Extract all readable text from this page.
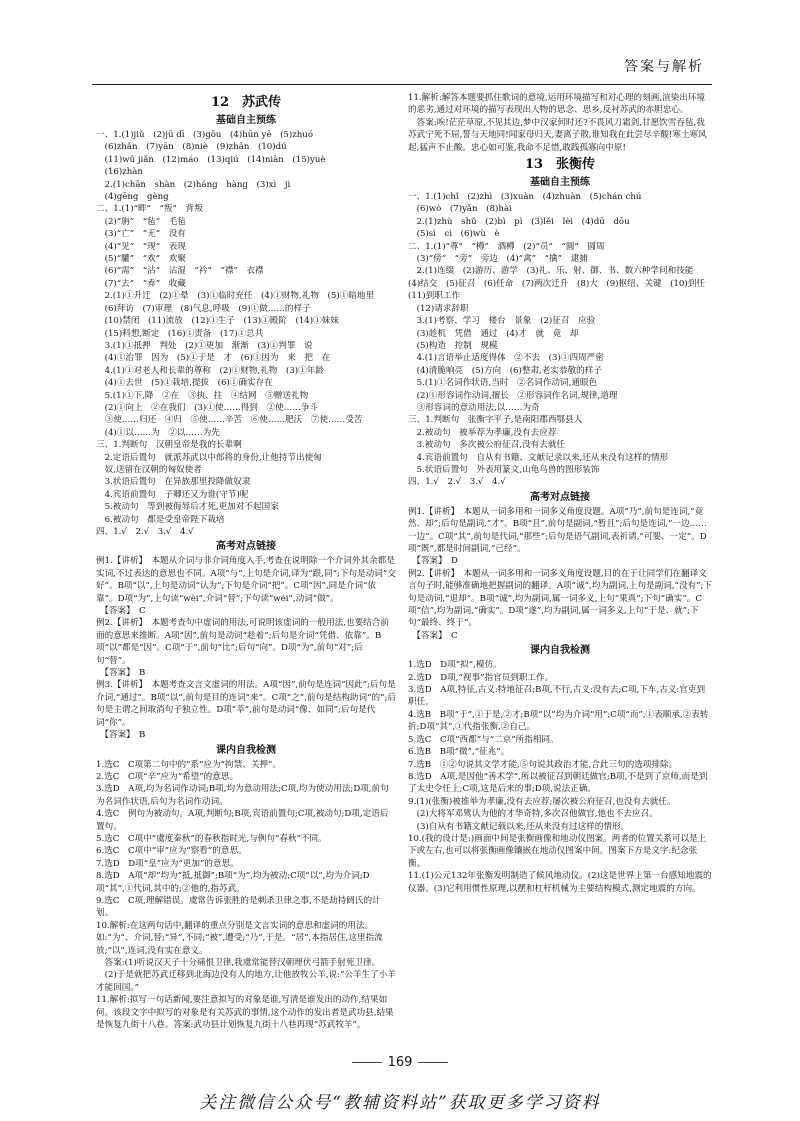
答案与解析
12　苏武传
基础自主预练

一、1.(1)jiǔ　(2)jū dī　(3)gōu　(4)hūn yē　(5)zhuó

　(6)zhǎn　(7)yān　(8)niè　(9)zhān　(10)dú

　(11)wǔ jiǎn　(12)máo　(13)qiú　(14)niàn　(15)yuè

　(16)zhàn

　2.(1)chān　shàn　(2)háng　hàng　(3)xì　jì

　(4)gēng　gèng

二、1.(1)“畔”　“叛”　背叛

　(2)“旃”　“毡”　毛毡

　(3)“亡”　“无”　没有

　(4)“见”　“现”　表现

　(5)“驩”　“欢”　欢聚

　(6)“需”　“沾”　沾湿　“衿”　“襟”　衣襟

　(7)“去”　“弆”　收藏

　2.(1)①升迁　(2)①晕　(3)①临时充任　(4)①财物,礼物　(5)①暗地里

　(6)拜访　(7)审理　(8)气息,呼吸　(9)①做……的样子

　(10)禁闭　(11)流放　(12)①生子　(13)①殿阶　(14)①妹妹

　(15)料想,断定　(16)①责备　(17)①总共

　3.(1)①抵押　判处　(2)①更加　渐渐　(3)①判罪　说

　(4)①治罪　因为　(5)①于是　才　(6)①因为　来　把　在

　4.(1)①对老人和长辈的尊称　(2)①财物,礼物　(3)①年龄

　(4)①去世　(5)①栽培,提拔　(6)①确实存在

　5.(1)①下,降　②在　③执、拄　④结网　⑤赠送礼物

　(2)①向上　②在我们　(3)①使……得到　②使……争斗

　③使……归还　④归　⑤使……辛苦　⑥使……肥沃　⑦使……受苦

　(4)①以……为　②以……为先

三、1.判断句　汉朝皇帝是我的长辈啊

　2.定语后置句　就派苏武以中郎将的身份,让他持节出使匈

　奴,送留在汉朝的匈奴使者

　3.状语后置句　在异族那里投降做奴隶

　4.宾语前置句　子卿还又为谁(守节)呢

　5.被动句　等到被侮辱后才死,更加对不起国家

　6.被动句　都是受皇帝陛下栽培

四、1.√　2.√　3.√　4.√

高考对点链接

例1.【讲析】　本题从介词与非介词角度入手,考查在说明除一个介词外其余都是实词,不过表达的意思也不同。A项“与”,上句是介词,译为“跟,同”;下句是动词“交好”。B项“以”,上句是动词“认为”;下句是介词“把”。C项“因”,同是介词“依靠”。D项“为”,上句读“wèi”,介词“替”;下句读“wéi”,动词“做”。

　【答案】　C

例2.【讲析】　本题考查句中虚词的用法,可说明该虚词的一般用法,也要结合前面的意思来推断。A项“因”,前句是动词“趁着”;后句是介词“凭借、依靠”。B项“以”都是“因”。C项“于”,前句“比”;后句“向”。D项“为”,前句“对”;后句“替”。

　【答案】　B

例3.【讲析】　本题考查文言文虚词的用法。A项“因”,前句是连词“因此”;后句是介词,“通过”。B项“以”,前句是目的连词“来”。C项“之”,前句是结构助词“的”;后句是主谓之间取消句子独立性。D项“莘”,前句是动词“像、如同”;后句是代词“你”。

　【答案】　B

课内自我检测

1.选C　C项第二句中的“系”应为“拘禁、关押”。

2.选C　C项“辛”应为“希望”的意思。

3.选D　A项,均为名词作动词;B项,均为意动用法;C项,均为使动用法;D项,前句为名词作状语,后句为名词作动词。

4.选C　例句为被动句。A项,判断句;B项,宾语前置句;C项,被动句;D项,定语后置句。

5.选C　C项中“虞度秦秋”的春秋指时光,与例句“春秋”不同。

6.选C　C项中“审”应为“察看”的意思。

7.选D　D项“皇”应为“更加”的意思。

8.选D　A项“却”均为“抵,抵御”;B项“为”,均为被动;C项“以”,均为介词;D项“其”,①代词,其中的;②他的,指苏武。

9.选C　C项,理解错误。虞常告诉张胜的是刺杀卫律之事,不是劫持阏氏的计划。

10.解析:在这两句话中,翻译的重点分别是文言实词的意思和虚词的用法。如:“为”、介词,替;“异”,不同;“被”,遭受;“乃”,于是。“居”,本指居住,这里指流放;“以”,连词,没有实在意义。

　答案:(1)听说汉天子十分痛恨卫律,我虞常能替汉朝埋伏弓箭手射死卫律。

　(2)于是就把苏武迁移到北海边没有人的地方,让他放牧公羊,说:“公羊生了小羊才能回国。”

11.解析:拟写一句话新闻,要注意拟写的对象是谁,写清是谁发出的动作,结果如何。该段文字中拟写的对象是有关苏武的事情,这个动作的发出者是武功县,结果是恢复九街十八巷。答案:武功县计划恢复九街十八巷再现“苏武牧羊”。

11.解析:解答本题要抓住歌词的意境,运用环境描写和对心理的刻画,渲染出环境的恶劣,通过对环境的描写表现出人物的思念、思乡,反衬苏武的赤胆忠心。

　答案:唉!茫茫草原,不见其边,梦中汉家何时还?不畏风刀霜剑,甘愿饮雪吞毡,我苏武宁死不屈,誓与天地同!闻家母归天,妻离子散,谁知我在此尝尽辛酸!寒土寒风起,猛声不止酸。忠心如可鉴,我命不足惜,敢践孤寡向中原!

13　张衡传
基础自主预练

一、1.(1)chǐ　(2)zhì　(3)xuàn　(4)zhuàn　(5)chán chú

　(6)wò　(7)yǎn　(8)hài

　2.(1)zhù　shǔ　(2)bì　pì　(3)lěi　lèi　(4)dū　dōu

　(5)sì　cì　(6)wù　è

二、1.(1)“尊”　“樽”　酒樽　(2)“员”　“圆”　圆周

　(3)“傍”　“旁”　旁边　(4)“禽”　“擒”　逮捕

　2.(1)连缀　(2)游历、游学　(3)礼、乐、射、御、书、数六种学问和技能　(4)结交　(5)征召　(6)任命　(7)两次迁升　(8)大　(9)枢纽、关键　(10)到任　(11)到职工作

　(12)请求辞职

　3.(1)考察、学习　楼台　景象　(2)征召　应验

　(3)趁机　凭借　通过　(4)才　就　竟　却

　(5)构造　控制　规模

　4.(1)言语举止适度得体　②不去　(3)①四周严密

　(4)清脆响亮　(5)方向　(6)整肃,老实恭敬的样子

　5.(1)①名词作状语,当时　②名词作动词,通眼色

　(2)①形容词作动词,擅长　②形容词作名词,规律,道理

　③形容词的意动用法,以……为奇

三、1.判断句　张衡字平子,是南阳郡西鄂县人

　2.被动句　被举荐为孝廉,没有去应荐

　3.被动句　多次被公府征召,没有去就任

　4.宾语前置句　自从有书籍、文献记录以来,还从来没有这样的情形

　5.状语后置句　外表用篆文,山龟鸟兽的图形装饰

四、1.√　2.√　3.√　4.√

高考对点链接

例1.【讲析】　本题从一词多用和一词多义角度设题。A项“乃”,前句是连词,“竟然、却”;后句是副词,“才”。B项“且”,前句是副词,“暂且”;后句是连词,“一边……一边”。C项“其”,前句是代词,“那些”;后句是语气副词,表祈请,“可要、一定”。D项“既”,都是时间副词,“已经”。

　【答案】　D

例2.【讲析】　本题从一词多用和一词多义角度设题,目的在于让同学们在翻译文言句子时,能够准确地把握副词的翻译。A项“诚”,均为副词,上句是副词,“没有”;下句是动词,“退却”。B项“诚”,均为副词,属一词多义,上句“果真”;下句“确实”。C项“信”,均为副词,“确实”。D项“遂”,均为副词,属一词多义,上句“于是、就”;下句“最终、终于”。

　【答案】　C

课内自我检测

1.选D　D项“拟”,模仿。

2.选D　D项,“视事”指官员到职工作。

3.选D　A项,特征,古义:特地征召;B项,不行,古义:没有去;C项,下车,古义:官吏到职任。

4.选B　B项“于”,①于是,②才;B项“以”均为介词“用”;C项“而”,①表顺承,②表转折;D项“其”,①代指张衡,②自己。

5.选C　C项“西都”与“二京”所指相同。

6.选B　B项“微”,“征兆”。

7.选B　①②句说其文学才能,⑤句说其政治才能,合此三句的选项排除。

8.选D　A项,是因他“善术学”,所以被征召到朝廷做官;B项,不是到了京师,而是到了太史令任上;C项,这是后来的事;D项,说法正确。

9.(1)(张衡)被推举为孝廉,没有去应荐;屡次被公府征召,也没有去就任。

　(2)大将军邓骘认为他的才华奇特,多次召他做官,他也不去应召。

　(3)自从有书籍文献记载以来,还从来没有过这样的情形。

10.(我的设计是:)画面中间是张衡画像和地动仪图案。两者的位置关系可以是上下或左右,也可以将张衡画像镶嵌在地动仪图案中间。图案下方是文字:纪念张衡。

11.(1)公元132年张衡发明制造了候风地动仪。(2)这是世界上第一台感知地震的仪器。(3)它利用惯性原理,以摆和杠杆机械为主要结构模式,测定地震的方向。

169
关注微信公众号“教辅资料站”获取更多学习资料
